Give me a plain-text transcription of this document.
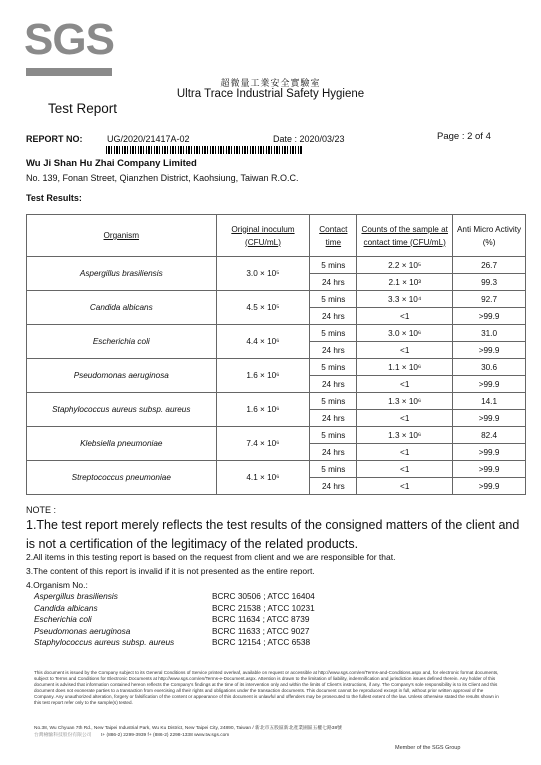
SGS
超微量工業安全實驗室
Ultra Trace Industrial Safety Hygiene
Test Report
REPORT NO:	UG/2020/21417A-02	Date : 2020/03/23	Page : 2 of 4
Wu Ji Shan Hu Zhai Company Limited
No. 139, Fonan Street, Qianzhen District, Kaohsiung, Taiwan R.O.C.
Test Results:
Organism	Original inoculum (CFU/mL)	Contact time	Counts of the sample at contact time (CFU/mL)	Anti Micro Activity (%)
Aspergillus brasiliensis	3.0 × 10⁵	5 mins	2.2 × 10⁵	26.7
		24 hrs	2.1 × 10³	99.3
Candida albicans	4.5 × 10⁵	5 mins	3.3 × 10⁴	92.7
		24 hrs	<1	>99.9
Escherichia coli	4.4 × 10⁶	5 mins	3.0 × 10⁶	31.0
		24 hrs	<1	>99.9
Pseudomonas aeruginosa	1.6 × 10⁶	5 mins	1.1 × 10⁶	30.6
		24 hrs	<1	>99.9
Staphylococcus aureus subsp. aureus	1.6 × 10⁶	5 mins	1.3 × 10⁶	14.1
		24 hrs	<1	>99.9
Klebsiella pneumoniae	7.4 × 10⁶	5 mins	1.3 × 10⁶	82.4
		24 hrs	<1	>99.9
Streptococcus pneumoniae	4.1 × 10⁶	5 mins	<1	>99.9
		24 hrs	<1	>99.9
NOTE :
1.The test report merely reflects the test results of the consigned matters of the client and is not a certification of the legitimacy of the related products.
2.All items in this testing report is based on the request from client and we are responsible for that.
3.The content of this report is invalid if it is not presented as the entire report.
4.Organism No.:
Aspergillus brasiliensis	BCRC 30506 ; ATCC 16404
Candida albicans	BCRC 21538 ; ATCC 10231
Escherichia coli	BCRC 11634 ; ATCC 8739
Pseudomonas aeruginosa	BCRC 11633 ; ATCC 9027
Staphylococcus aureus subsp. aureus	BCRC 12154 ; ATCC 6538
This document is issued by the Company subject to its General Conditions of Service printed overleaf, available on request or accessible at http://www.sgs.com/en/Terms-and-Conditions.aspx and, for electronic format documents, subject to Terms and Conditions for Electronic Documents at http://www.sgs.com/en/Terms-e-Document.aspx. Attention is drawn to the limitation of liability, indemnification and jurisdiction issues defined therein. Any holder of this document is advised that information contained hereon reflects the Company's findings at the time of its intervention only and within the limits of Client's instructions, if any. The Company's sole responsibility is to its Client and this document does not exonerate parties to a transaction from exercising all their rights and obligations under the transaction documents. This document cannot be reproduced except in full, without prior written approval of the Company. Any unauthorized alteration, forgery or falsification of the content or appearance of this document is unlawful and offenders may be prosecuted to the fullest extent of the law. Unless otherwise stated the results shown in this test report refer only to the sample(s) tested.
No.38, Wu Chyuan 7th Rd., New Taipei Industrial Park, Wu Ku District, New Taipei City, 24890, Taiwan / 新北市五股區新北產業園區五權七路38號
台灣檢驗科技股份有限公司 t+ (886-2) 2299-3939 f+ (886-2) 2298-1338 www.tw.sgs.com
Member of the SGS Group
